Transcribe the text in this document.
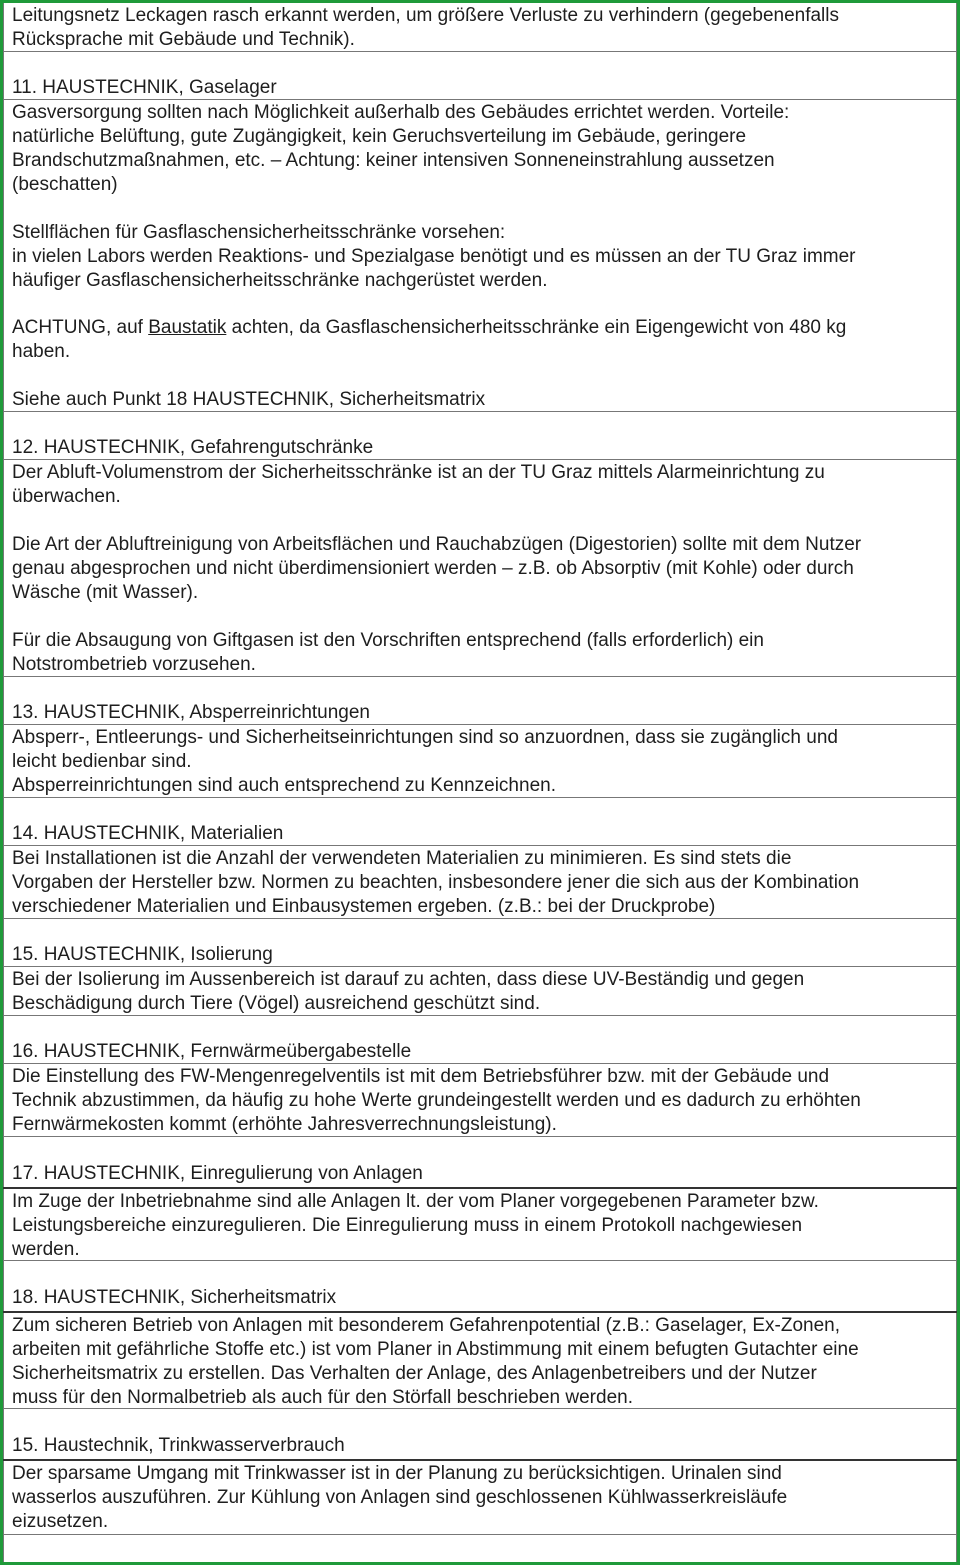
Leitungsnetz Leckagen rasch erkannt werden, um größere Verluste zu verhindern (gegebenenfalls
Rücksprache mit Gebäude und Technik).

11. HAUSTECHNIK, Gaselager

Gasversorgung sollten nach Möglichkeit außerhalb des Gebäudes errichtet werden. Vorteile:
natürliche Belüftung, gute Zugängigkeit, kein Geruchsverteilung im Gebäude, geringere
Brandschutzmaßnahmen, etc. – Achtung: keiner intensiven Sonneneinstrahlung aussetzen
(beschatten)

Stellflächen für Gasflaschensicherheitsschränke vorsehen:
in vielen Labors werden Reaktions- und Spezialgase benötigt und es müssen an der TU Graz immer
häufiger Gasflaschensicherheitsschränke nachgerüstet werden.

ACHTUNG, auf Baustatik achten, da Gasflaschensicherheitsschränke ein Eigengewicht von 480 kg
haben.

Siehe auch Punkt 18 HAUSTECHNIK, Sicherheitsmatrix

12. HAUSTECHNIK, Gefahrengutschränke

Der Abluft-Volumenstrom der Sicherheitsschränke ist an der TU Graz mittels Alarmeinrichtung zu
überwachen.

Die Art der Abluftreinigung von Arbeitsflächen und Rauchabzügen (Digestorien) sollte mit dem Nutzer
genau abgesprochen und nicht überdimensioniert werden – z.B. ob Absorptiv (mit Kohle) oder durch
Wäsche (mit Wasser).

Für die Absaugung von Giftgasen ist den Vorschriften entsprechend (falls erforderlich) ein
Notstrombetrieb vorzusehen.

13. HAUSTECHNIK, Absperreinrichtungen

Absperr-, Entleerungs- und Sicherheitseinrichtungen sind so anzuordnen, dass sie zugänglich und
leicht bedienbar sind.
Absperreinrichtungen sind auch entsprechend zu Kennzeichnen.

14. HAUSTECHNIK, Materialien

Bei Installationen ist die Anzahl der verwendeten Materialien zu minimieren. Es sind stets die
Vorgaben der Hersteller bzw. Normen zu beachten, insbesondere jener die sich aus der Kombination
verschiedener Materialien und Einbausystemen ergeben. (z.B.: bei der Druckprobe)

15. HAUSTECHNIK, Isolierung

Bei der Isolierung im Aussenbereich ist darauf zu achten, dass diese UV-Beständig und gegen
Beschädigung durch Tiere (Vögel) ausreichend geschützt sind.

16. HAUSTECHNIK, Fernwärmeübergabestelle

Die Einstellung des FW-Mengenregelventils ist mit dem Betriebsführer bzw. mit der Gebäude und
Technik abzustimmen, da häufig zu hohe Werte grundeingestellt werden und es dadurch zu erhöhten
Fernwärmekosten kommt (erhöhte Jahresverrechnungsleistung).

17. HAUSTECHNIK, Einregulierung von Anlagen

Im Zuge der Inbetriebnahme sind alle Anlagen lt. der vom Planer vorgegebenen Parameter bzw.
Leistungsbereiche einzuregulieren. Die Einregulierung muss in einem Protokoll nachgewiesen
werden.

18. HAUSTECHNIK, Sicherheitsmatrix

Zum sicheren Betrieb von Anlagen mit besonderem Gefahrenpotential (z.B.: Gaselager, Ex-Zonen,
arbeiten mit gefährliche Stoffe etc.) ist vom Planer in Abstimmung mit einem befugten Gutachter eine
Sicherheitsmatrix zu erstellen. Das Verhalten der Anlage, des Anlagenbetreibers und der Nutzer
muss für den Normalbetrieb als auch für den Störfall beschrieben werden.

15. Haustechnik, Trinkwasserverbrauch

Der sparsame Umgang mit Trinkwasser ist in der Planung zu berücksichtigen. Urinalen sind
wasserlos auszuführen. Zur Kühlung von Anlagen sind geschlossenen Kühlwasserkreisläufe
eizusetzen.
